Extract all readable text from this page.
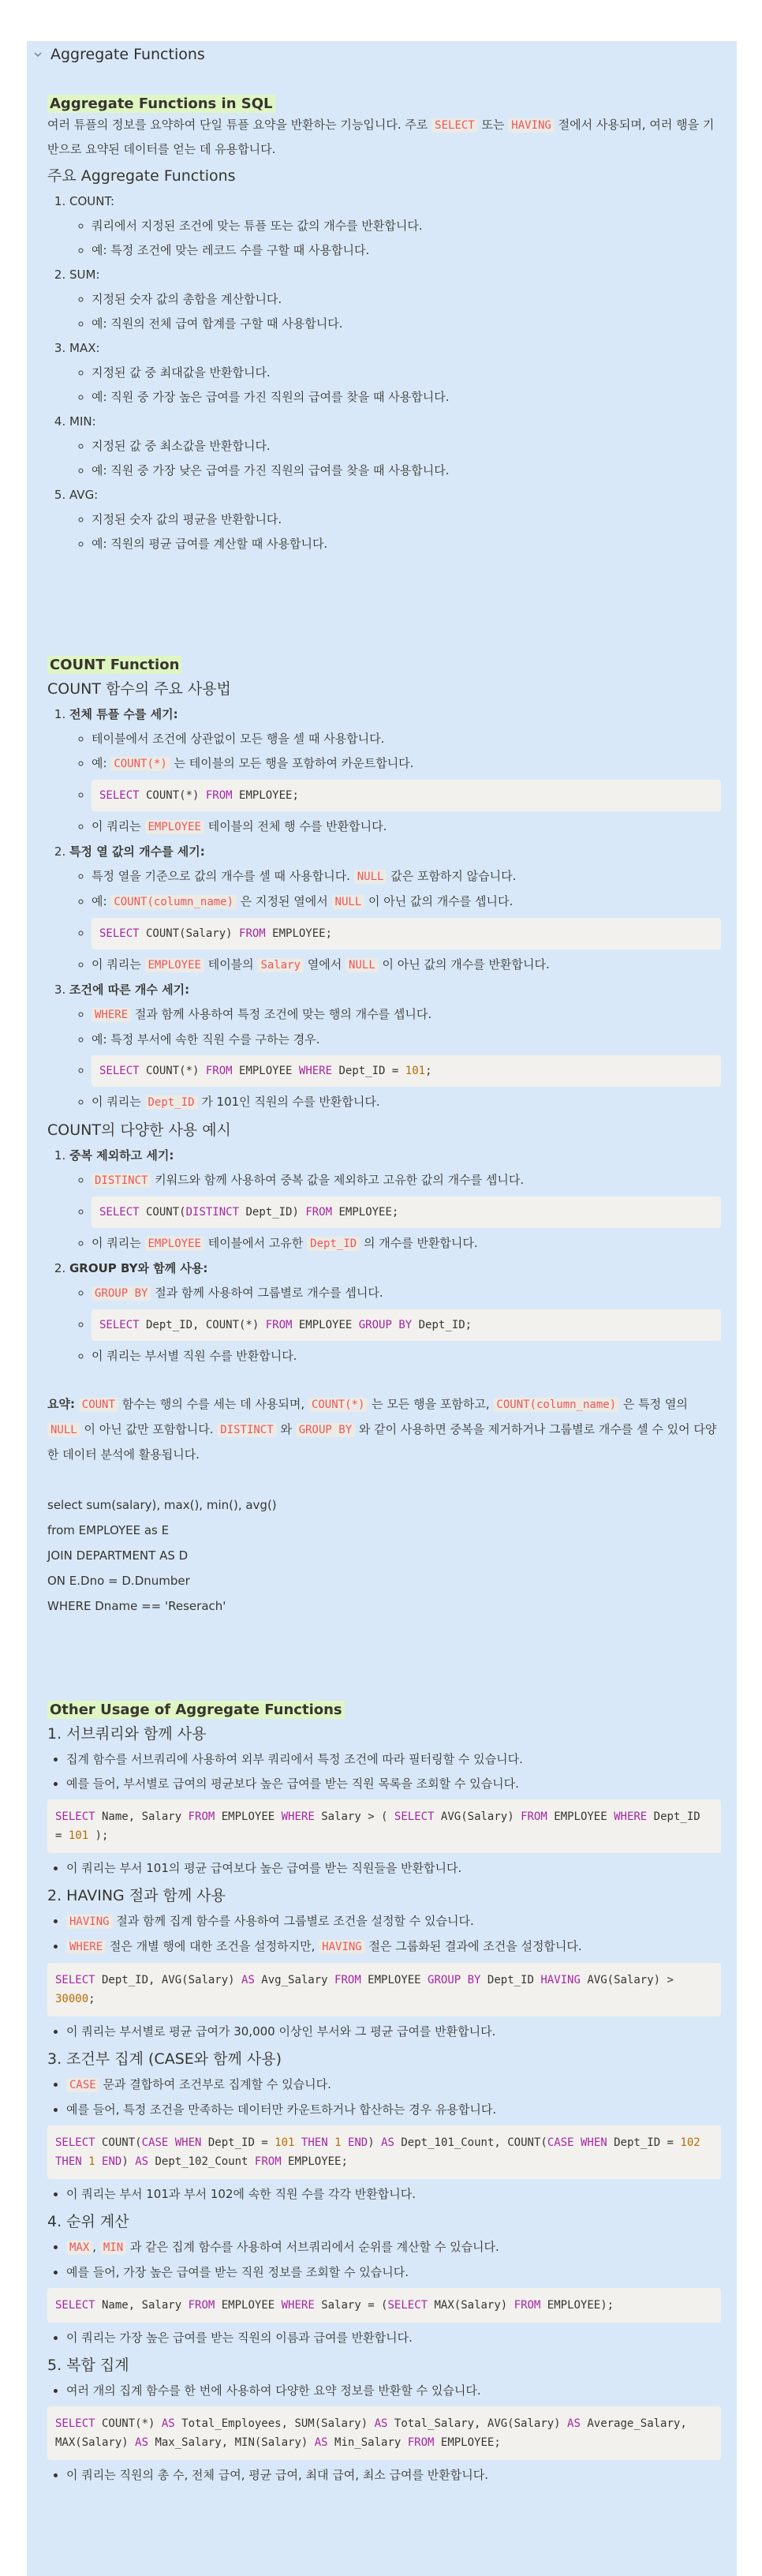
Aggregate Functions
Aggregate Functions in SQL

여러 튜플의 정보를 요약하여 단일 튜플 요약을 반환하는 기능입니다. 주로 SELECT 또는 HAVING 절에서 사용되며, 여러 행을 기반으로 요약된 데이터를 얻는 데 유용합니다.

주요 Aggregate Functions
1. COUNT:
◦ 쿼리에서 지정된 조건에 맞는 튜플 또는 값의 개수를 반환합니다.
◦ 예: 특정 조건에 맞는 레코드 수를 구할 때 사용합니다.
2. SUM:
◦ 지정된 숫자 값의 총합을 계산합니다.
◦ 예: 직원의 전체 급여 합계를 구할 때 사용합니다.
3. MAX:
◦ 지정된 값 중 최대값을 반환합니다.
◦ 예: 직원 중 가장 높은 급여를 가진 직원의 급여를 찾을 때 사용합니다.
4. MIN:
◦ 지정된 값 중 최소값을 반환합니다.
◦ 예: 직원 중 가장 낮은 급여를 가진 직원의 급여를 찾을 때 사용합니다.
5. AVG:
◦ 지정된 숫자 값의 평균을 반환합니다.
◦ 예: 직원의 평균 급여를 계산할 때 사용합니다.
COUNT Function
COUNT 함수의 주요 사용법
1. 전체 튜플 수를 세기:
◦ 테이블에서 조건에 상관없이 모든 행을 셀 때 사용합니다.
◦ 예: COUNT(*) 는 테이블의 모든 행을 포함하여 카운트합니다.
◦ SELECT COUNT(*) FROM EMPLOYEE;
◦ 이 쿼리는 EMPLOYEE 테이블의 전체 행 수를 반환합니다.
2. 특정 열 값의 개수를 세기:
◦ 특정 열을 기준으로 값의 개수를 셀 때 사용합니다. NULL 값은 포함하지 않습니다.
◦ 예: COUNT(column_name) 은 지정된 열에서 NULL 이 아닌 값의 개수를 셉니다.
◦ SELECT COUNT(Salary) FROM EMPLOYEE;
◦ 이 쿼리는 EMPLOYEE 테이블의 Salary 열에서 NULL 이 아닌 값의 개수를 반환합니다.
3. 조건에 따른 개수 세기:
◦ WHERE 절과 함께 사용하여 특정 조건에 맞는 행의 개수를 셉니다.
◦ 예: 특정 부서에 속한 직원 수를 구하는 경우.
◦ SELECT COUNT(*) FROM EMPLOYEE WHERE Dept_ID = 101;
◦ 이 쿼리는 Dept_ID 가 101인 직원의 수를 반환합니다.
COUNT의 다양한 사용 예시
1. 중복 제외하고 세기:
◦ DISTINCT 키워드와 함께 사용하여 중복 값을 제외하고 고유한 값의 개수를 셉니다.
◦ SELECT COUNT(DISTINCT Dept_ID) FROM EMPLOYEE;
◦ 이 쿼리는 EMPLOYEE 테이블에서 고유한 Dept_ID 의 개수를 반환합니다.
2. GROUP BY와 함께 사용:
◦ GROUP BY 절과 함께 사용하여 그룹별로 개수를 셉니다.
◦ SELECT Dept_ID, COUNT(*) FROM EMPLOYEE GROUP BY Dept_ID;
◦ 이 쿼리는 부서별 직원 수를 반환합니다.

요약: COUNT 함수는 행의 수를 세는 데 사용되며, COUNT(*) 는 모든 행을 포함하고, COUNT(column_name) 은 특정 열의 NULL 이 아닌 값만 포함합니다. DISTINCT 와 GROUP BY 와 같이 사용하면 중복을 제거하거나 그룹별로 개수를 셀 수 있어 다양한 데이터 분석에 활용됩니다.

select sum(salary), max(), min(), avg()

from EMPLOYEE as E

JOIN DEPARTMENT AS D

ON E.Dno = D.Dnumber

WHERE Dname == 'Reserach'

Other Usage of Aggregate Functions
1. 서브쿼리와 함께 사용
• 집계 함수를 서브쿼리에 사용하여 외부 쿼리에서 특정 조건에 따라 필터링할 수 있습니다.
• 예를 들어, 부서별로 급여의 평균보다 높은 급여를 받는 직원 목록을 조회할 수 있습니다.
SELECT Name, Salary FROM EMPLOYEE WHERE Salary > ( SELECT AVG(Salary) FROM EMPLOYEE WHERE Dept_ID = 101 );
• 이 쿼리는 부서 101의 평균 급여보다 높은 급여를 받는 직원들을 반환합니다.
2. HAVING 절과 함께 사용
• HAVING 절과 함께 집계 함수를 사용하여 그룹별로 조건을 설정할 수 있습니다.
• WHERE 절은 개별 행에 대한 조건을 설정하지만, HAVING 절은 그룹화된 결과에 조건을 설정합니다.
SELECT Dept_ID, AVG(Salary) AS Avg_Salary FROM EMPLOYEE GROUP BY Dept_ID HAVING AVG(Salary) > 30000;
• 이 쿼리는 부서별로 평균 급여가 30,000 이상인 부서와 그 평균 급여를 반환합니다.
3. 조건부 집계 (CASE와 함께 사용)
• CASE 문과 결합하여 조건부로 집계할 수 있습니다.
• 예를 들어, 특정 조건을 만족하는 데이터만 카운트하거나 합산하는 경우 유용합니다.
SELECT COUNT(CASE WHEN Dept_ID = 101 THEN 1 END) AS Dept_101_Count, COUNT(CASE WHEN Dept_ID = 102 THEN 1 END) AS Dept_102_Count FROM EMPLOYEE;
• 이 쿼리는 부서 101과 부서 102에 속한 직원 수를 각각 반환합니다.
4. 순위 계산
• MAX , MIN 과 같은 집계 함수를 사용하여 서브쿼리에서 순위를 계산할 수 있습니다.
• 예를 들어, 가장 높은 급여를 받는 직원 정보를 조회할 수 있습니다.
SELECT Name, Salary FROM EMPLOYEE WHERE Salary = (SELECT MAX(Salary) FROM EMPLOYEE);
• 이 쿼리는 가장 높은 급여를 받는 직원의 이름과 급여를 반환합니다.
5. 복합 집계
• 여러 개의 집계 함수를 한 번에 사용하여 다양한 요약 정보를 반환할 수 있습니다.
SELECT COUNT(*) AS Total_Employees, SUM(Salary) AS Total_Salary, AVG(Salary) AS Average_Salary, MAX(Salary) AS Max_Salary, MIN(Salary) AS Min_Salary FROM EMPLOYEE;
• 이 쿼리는 직원의 총 수, 전체 급여, 평균 급여, 최대 급여, 최소 급여를 반환합니다.
